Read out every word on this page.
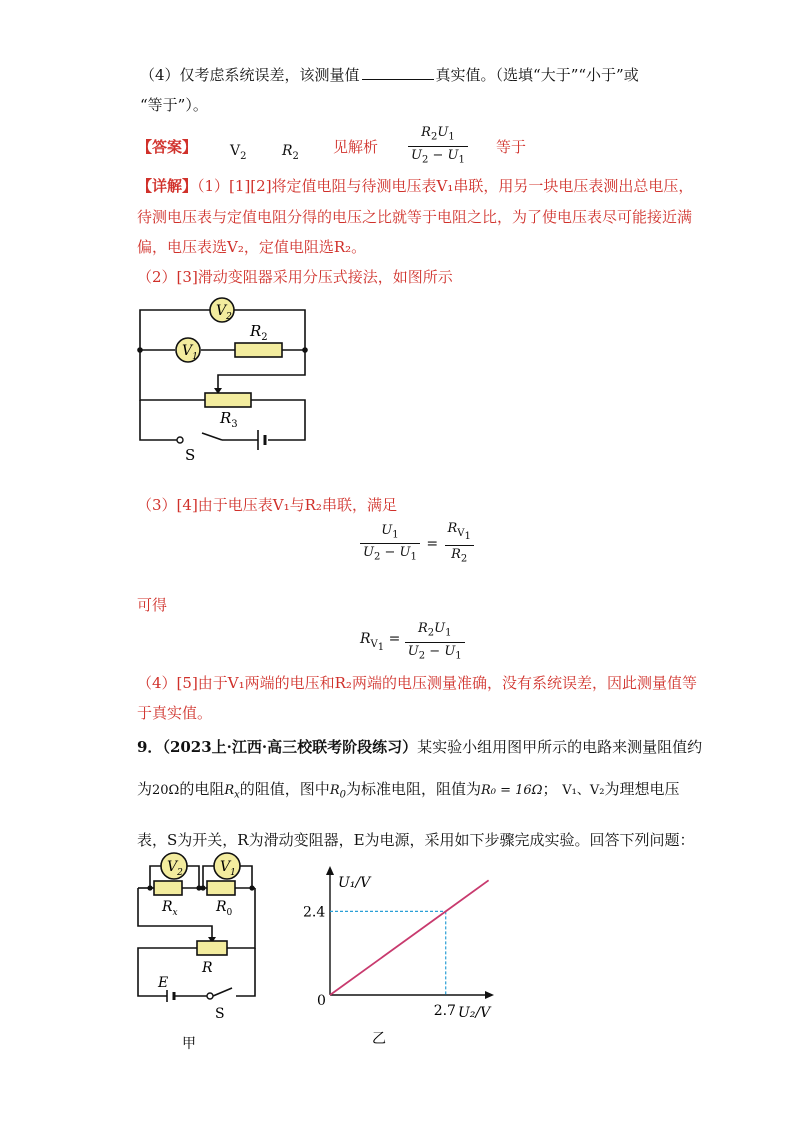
（4）仅考虑系统误差，该测量值	真实值。（选填“大于”“小于”或
“等于”）。
【答案】 $V_2$	$R_2$
见解析 $\frac{R_2U_1}{U_2 - U_1}$ 等于
【详解】（1）[1][2]将定值电阻与待测电压表V₁串联，用另一块电压表测出总电压，
待测电压表与定值电阻分得的电压之比就等于电阻之比，为了使电压表尽可能接近满
偏，电压表选V₂，定值电阻选R₂。
（2）[3]滑动变阻器采用分压式接法，如图所示
$V_2$
$V_1$
$R_2$
$R_3$
S
（3）[4]由于电压表V₁与R₂串联，满足
$\frac{U_1}{U_2 - U_1} = \frac{R_{V_1}}{R_2}$
可得
$R_{V_1} = \frac{R_2U_1}{U_2 - U_1}$
（4）[5]由于V₁两端的电压和R₂两端的电压测量准确，没有系统误差，因此测量值等
于真实值。
9．（2023上·江西·高三校联考阶段练习）某实验小组用图甲所示的电路来测量阻值约
为20Ω的电阻$R_x$的阻值，图中$R_0$为标准电阻，阻值为R₀ = 16Ω； V₁、V₂为理想电压
表，S为开关，R为滑动变阻器，E为电源，采用如下步骤完成实验。回答下列问题：
$V_2$	$V_1$
$R_x$	$R_0$
R
E
S
甲
U₁/V
U₂/V
0
2.4
2.7
乙
